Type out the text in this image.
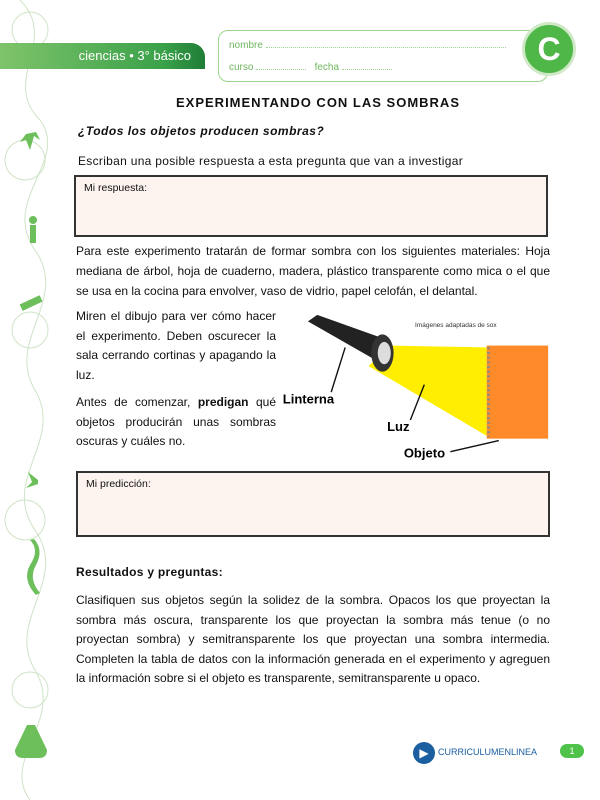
ciencias • 3° básico
nombre
curso	fecha
C
EXPERIMENTANDO CON LAS SOMBRAS
¿Todos los objetos producen sombras?
Escriban una posible respuesta a esta pregunta que van a investigar
Mi respuesta:

Para este experimento tratarán de formar sombra con los siguientes materiales: Hoja mediana de árbol, hoja de cuaderno, madera, plástico transparente como mica o el que se usa en la cocina para envolver, vaso de vidrio, papel celofán, el delantal.

Miren el dibujo para ver cómo hacer el experimento. Deben oscurecer la sala cerrando cortinas y apagando la luz.

Antes de comenzar, predigan qué objetos producirán unas sombras oscuras y cuáles no.

Imágenes adaptadas de sox
Linterna
Luz
Objeto
Mi predicción:
Resultados y preguntas:

Clasifiquen sus objetos según la solidez de la sombra. Opacos los que proyectan la sombra más oscura, transparente los que proyectan la sombra más tenue (o no proyectan sombra) y semitransparente los que proyectan una sombra intermedia. Completen la tabla de datos con la información generada en el experimento y agreguen la información sobre si el objeto es transparente, semitransparente u opaco.

▶	CURRICULUMENLINEA	1
